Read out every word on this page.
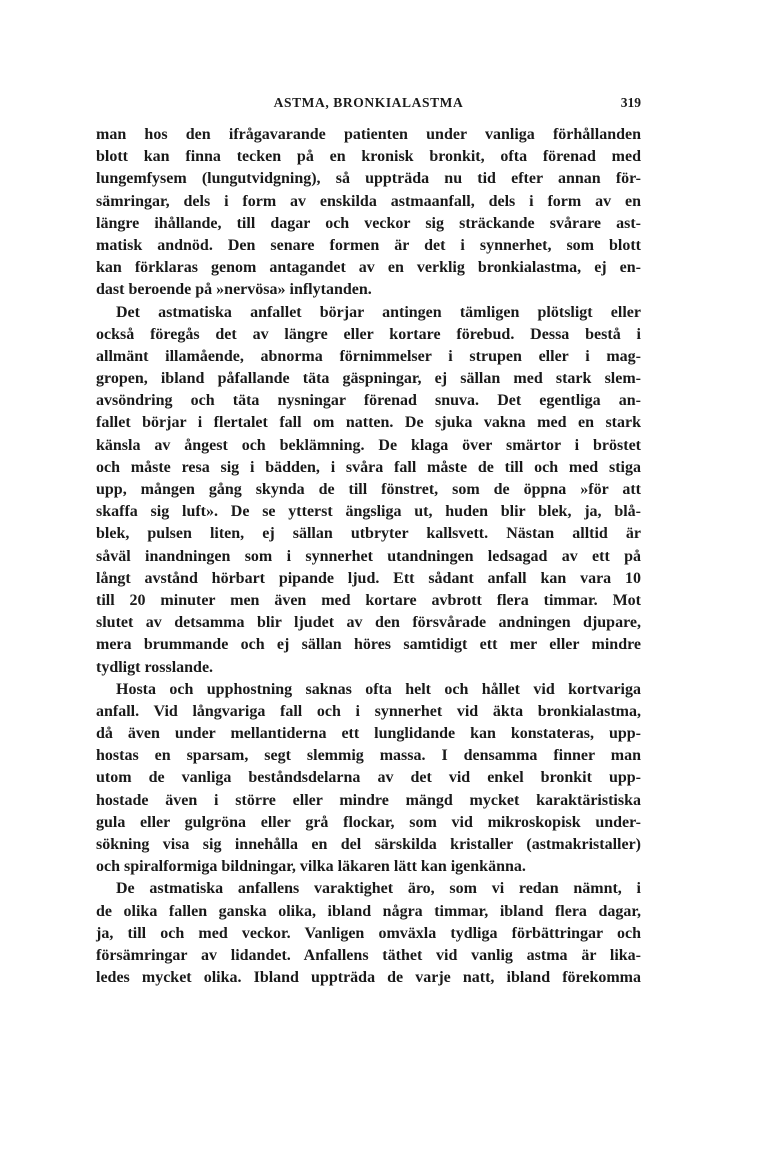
ASTMA, BRONKIALASTMA	319
man hos den ifrågavarande patienten under vanliga förhållanden
blott kan finna tecken på en kronisk bronkit, ofta förenad med
lungemfysem (lungutvidgning), så uppträda nu tid efter annan för-
sämringar, dels i form av enskilda astmaanfall, dels i form av en
längre ihållande, till dagar och veckor sig sträckande svårare ast-
matisk andnöd. Den senare formen är det i synnerhet, som blott
kan förklaras genom antagandet av en verklig bronkialastma, ej en-
dast beroende på »nervösa» inflytanden.
Det astmatiska anfallet börjar antingen tämligen plötsligt eller
också föregås det av längre eller kortare förebud. Dessa bestå i
allmänt illamående, abnorma förnimmelser i strupen eller i mag-
gropen, ibland påfallande täta gäspningar, ej sällan med stark slem-
avsöndring och täta nysningar förenad snuva. Det egentliga an-
fallet börjar i flertalet fall om natten. De sjuka vakna med en stark
känsla av ångest och beklämning. De klaga över smärtor i bröstet
och måste resa sig i bädden, i svåra fall måste de till och med stiga
upp, mången gång skynda de till fönstret, som de öppna »för att
skaffa sig luft». De se ytterst ängsliga ut, huden blir blek, ja, blå-
blek, pulsen liten, ej sällan utbryter kallsvett. Nästan alltid är
såväl inandningen som i synnerhet utandningen ledsagad av ett på
långt avstånd hörbart pipande ljud. Ett sådant anfall kan vara 10
till 20 minuter men även med kortare avbrott flera timmar. Mot
slutet av detsamma blir ljudet av den försvårade andningen djupare,
mera brummande och ej sällan höres samtidigt ett mer eller mindre
tydligt rosslande.
Hosta och upphostning saknas ofta helt och hållet vid kortvariga
anfall. Vid långvariga fall och i synnerhet vid äkta bronkialastma,
då även under mellantiderna ett lunglidande kan konstateras, upp-
hostas en sparsam, segt slemmig massa. I densamma finner man
utom de vanliga beståndsdelarna av det vid enkel bronkit upp-
hostade även i större eller mindre mängd mycket karaktäristiska
gula eller gulgröna eller grå flockar, som vid mikroskopisk under-
sökning visa sig innehålla en del särskilda kristaller (astmakristaller)
och spiralformiga bildningar, vilka läkaren lätt kan igenkänna.
De astmatiska anfallens varaktighet äro, som vi redan nämnt, i
de olika fallen ganska olika, ibland några timmar, ibland flera dagar,
ja, till och med veckor. Vanligen omväxla tydliga förbättringar och
försämringar av lidandet. Anfallens täthet vid vanlig astma är lika-
ledes mycket olika. Ibland uppträda de varje natt, ibland förekomma
